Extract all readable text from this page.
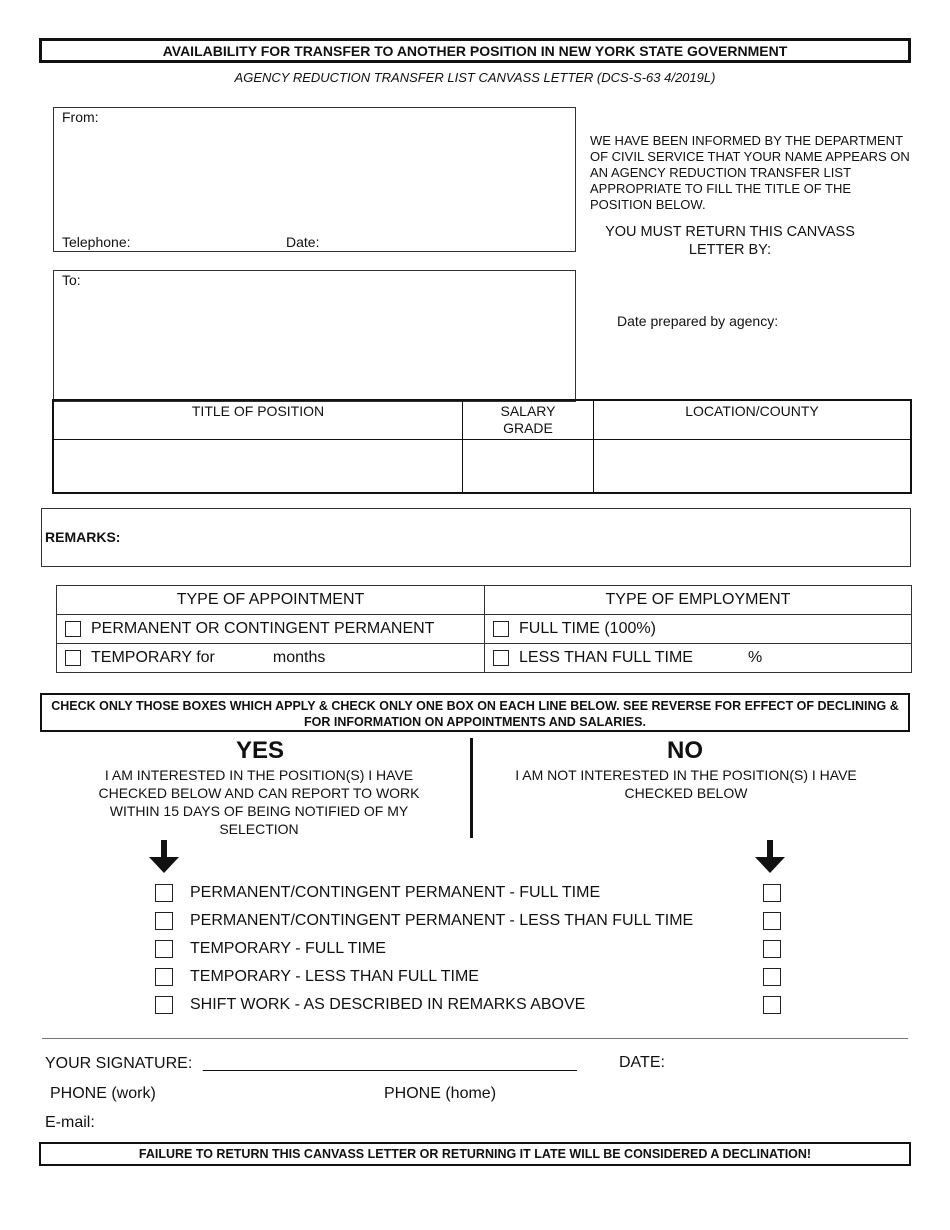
AVAILABILITY FOR TRANSFER TO ANOTHER POSITION IN NEW YORK STATE GOVERNMENT
AGENCY REDUCTION TRANSFER LIST CANVASS LETTER (DCS-S-63 4/2019L)
From:
Telephone:	Date:
WE HAVE BEEN INFORMED BY THE DEPARTMENT OF CIVIL SERVICE THAT YOUR NAME APPEARS ON AN AGENCY REDUCTION TRANSFER LIST APPROPRIATE TO FILL THE TITLE OF THE POSITION BELOW.
YOU MUST RETURN THIS CANVASS LETTER BY:
Date prepared by agency:
To:
TITLE OF POSITION	SALARY GRADE	LOCATION/COUNTY

REMARKS:
TYPE OF APPOINTMENT	TYPE OF EMPLOYMENT
PERMANENT OR CONTINGENT PERMANENT	FULL TIME (100%)
TEMPORARY for months	LESS THAN FULL TIME %
CHECK ONLY THOSE BOXES WHICH APPLY & CHECK ONLY ONE BOX ON EACH LINE BELOW. SEE REVERSE FOR EFFECT OF DECLINING & FOR INFORMATION ON APPOINTMENTS AND SALARIES.
YES
I AM INTERESTED IN THE POSITION(S) I HAVE CHECKED BELOW AND CAN REPORT TO WORK WITHIN 15 DAYS OF BEING NOTIFIED OF MY SELECTION
NO
I AM NOT INTERESTED IN THE POSITION(S) I HAVE CHECKED BELOW
PERMANENT/CONTINGENT PERMANENT - FULL TIME
PERMANENT/CONTINGENT PERMANENT - LESS THAN FULL TIME
TEMPORARY - FULL TIME
TEMPORARY - LESS THAN FULL TIME
SHIFT WORK - AS DESCRIBED IN REMARKS ABOVE
YOUR SIGNATURE: __________________________________________	DATE:
PHONE (work)	PHONE (home)
E-mail:
FAILURE TO RETURN THIS CANVASS LETTER OR RETURNING IT LATE WILL BE CONSIDERED A DECLINATION!
